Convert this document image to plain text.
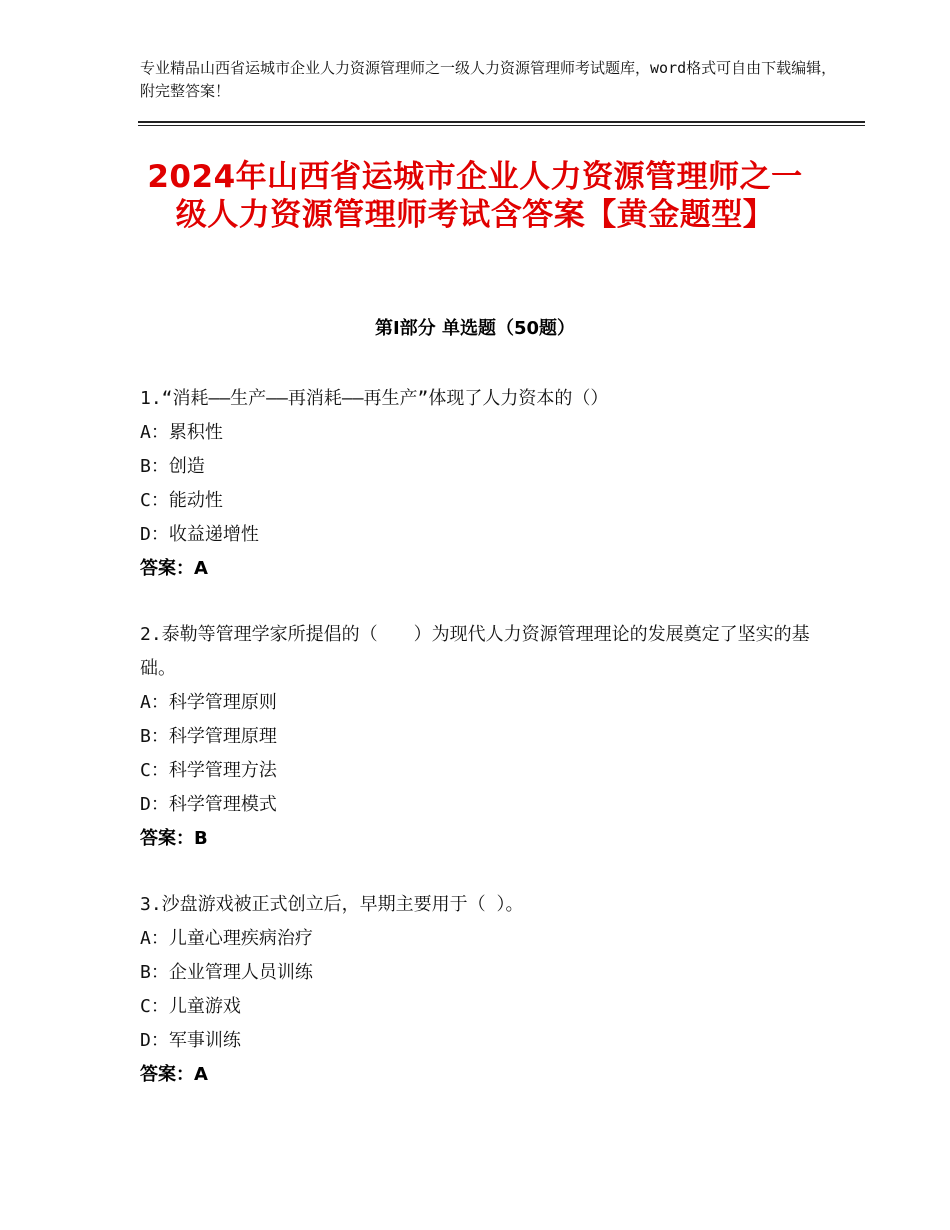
专业精品山西省运城市企业人力资源管理师之一级人力资源管理师考试题库，word格式可自由下载编辑，附完整答案！
2024年山西省运城市企业人力资源管理师之一级人力资源管理师考试含答案【黄金题型】
第Ⅰ部分 单选题（50题）
1.“消耗——生产——再消耗——再生产”体现了人力资本的（）
A：累积性
B：创造
C：能动性
D：收益递增性
答案：A
2.泰勒等管理学家所提倡的（　　）为现代人力资源管理理论的发展奠定了坚实的基础。
A：科学管理原则
B：科学管理原理
C：科学管理方法
D：科学管理模式
答案：B
3.沙盘游戏被正式创立后，早期主要用于（ ）。
A：儿童心理疾病治疗
B：企业管理人员训练
C：儿童游戏
D：军事训练
答案：A
